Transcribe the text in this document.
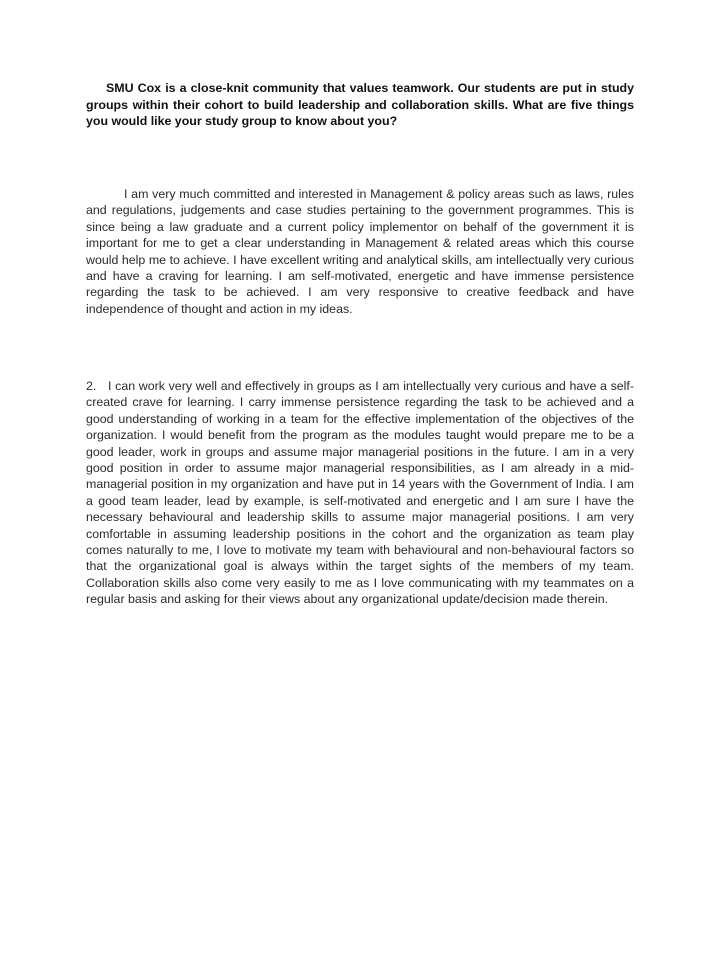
SMU Cox is a close-knit community that values teamwork. Our students are put in study groups within their cohort to build leadership and collaboration skills. What are five things you would like your study group to know about you?
I am very much committed and interested in Management & policy areas such as laws, rules and regulations, judgements and case studies pertaining to the government programmes. This is since being a law graduate and a current policy implementor on behalf of the government it is important for me to get a clear understanding in Management & related areas which this course would help me to achieve. I have excellent writing and analytical skills, am intellectually very curious and have a craving for learning. I am self-motivated, energetic and have immense persistence regarding the task to be achieved. I am very responsive to creative feedback and have independence of thought and action in my ideas.
2. I can work very well and effectively in groups as I am intellectually very curious and have a self-created crave for learning. I carry immense persistence regarding the task to be achieved and a good understanding of working in a team for the effective implementation of the objectives of the organization. I would benefit from the program as the modules taught would prepare me to be a good leader, work in groups and assume major managerial positions in the future. I am in a very good position in order to assume major managerial responsibilities, as I am already in a mid-managerial position in my organization and have put in 14 years with the Government of India. I am a good team leader, lead by example, is self-motivated and energetic and I am sure I have the necessary behavioural and leadership skills to assume major managerial positions. I am very comfortable in assuming leadership positions in the cohort and the organization as team play comes naturally to me, I love to motivate my team with behavioural and non-behavioural factors so that the organizational goal is always within the target sights of the members of my team. Collaboration skills also come very easily to me as I love communicating with my teammates on a regular basis and asking for their views about any organizational update/decision made therein.
